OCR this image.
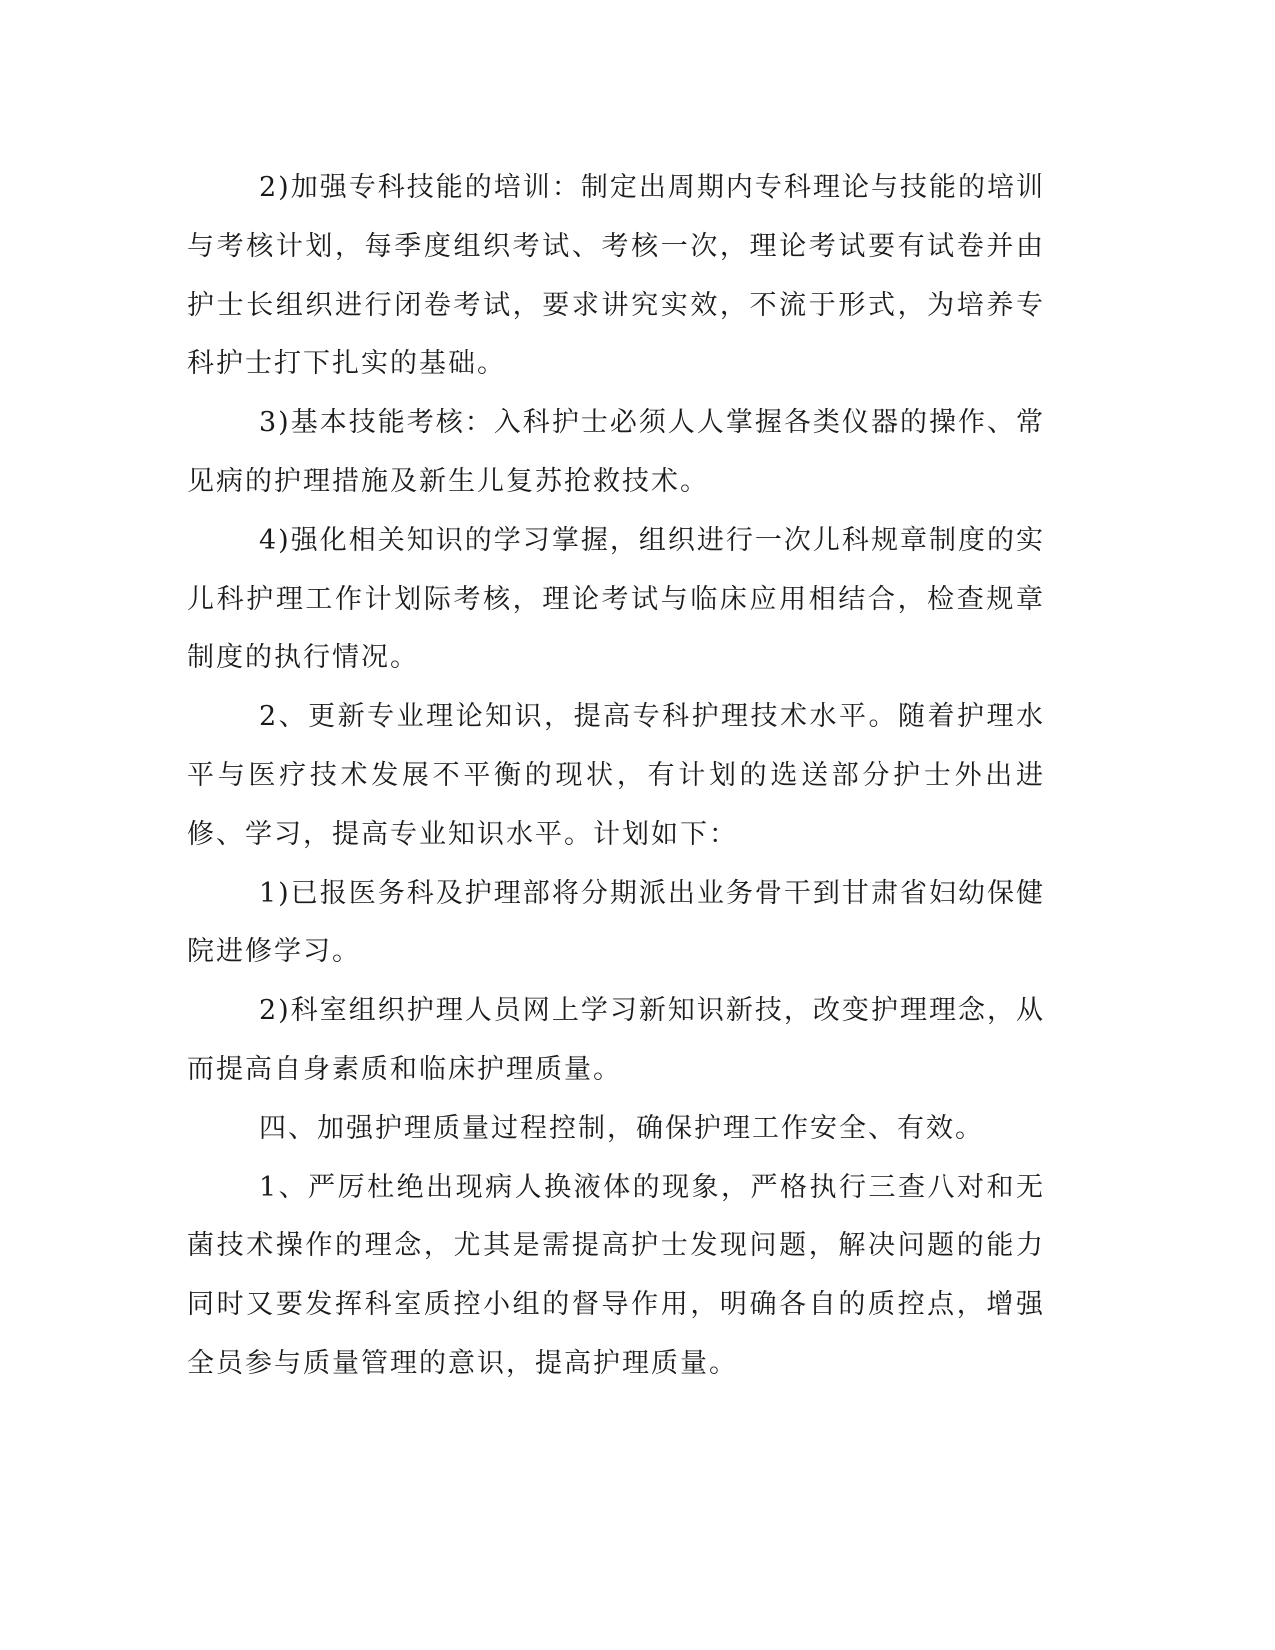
2)加强专科技能的培训：制定出周期内专科理论与技能的培训与考核计划，每季度组织考试、考核一次，理论考试要有试卷并由护士长组织进行闭卷考试，要求讲究实效，不流于形式，为培养专科护士打下扎实的基础。

3)基本技能考核：入科护士必须人人掌握各类仪器的操作、常见病的护理措施及新生儿复苏抢救技术。

4)强化相关知识的学习掌握，组织进行一次儿科规章制度的实儿科护理工作计划际考核，理论考试与临床应用相结合，检查规章制度的执行情况。

2、更新专业理论知识，提高专科护理技术水平。随着护理水平与医疗技术发展不平衡的现状，有计划的选送部分护士外出进修、学习，提高专业知识水平。计划如下：

1)已报医务科及护理部将分期派出业务骨干到甘肃省妇幼保健院进修学习。

2)科室组织护理人员网上学习新知识新技，改变护理理念，从而提高自身素质和临床护理质量。

四、加强护理质量过程控制，确保护理工作安全、有效。

1、严厉杜绝出现病人换液体的现象，严格执行三查八对和无菌技术操作的理念，尤其是需提高护士发现问题，解决问题的能力同时又要发挥科室质控小组的督导作用，明确各自的质控点，增强全员参与质量管理的意识，提高护理质量。
